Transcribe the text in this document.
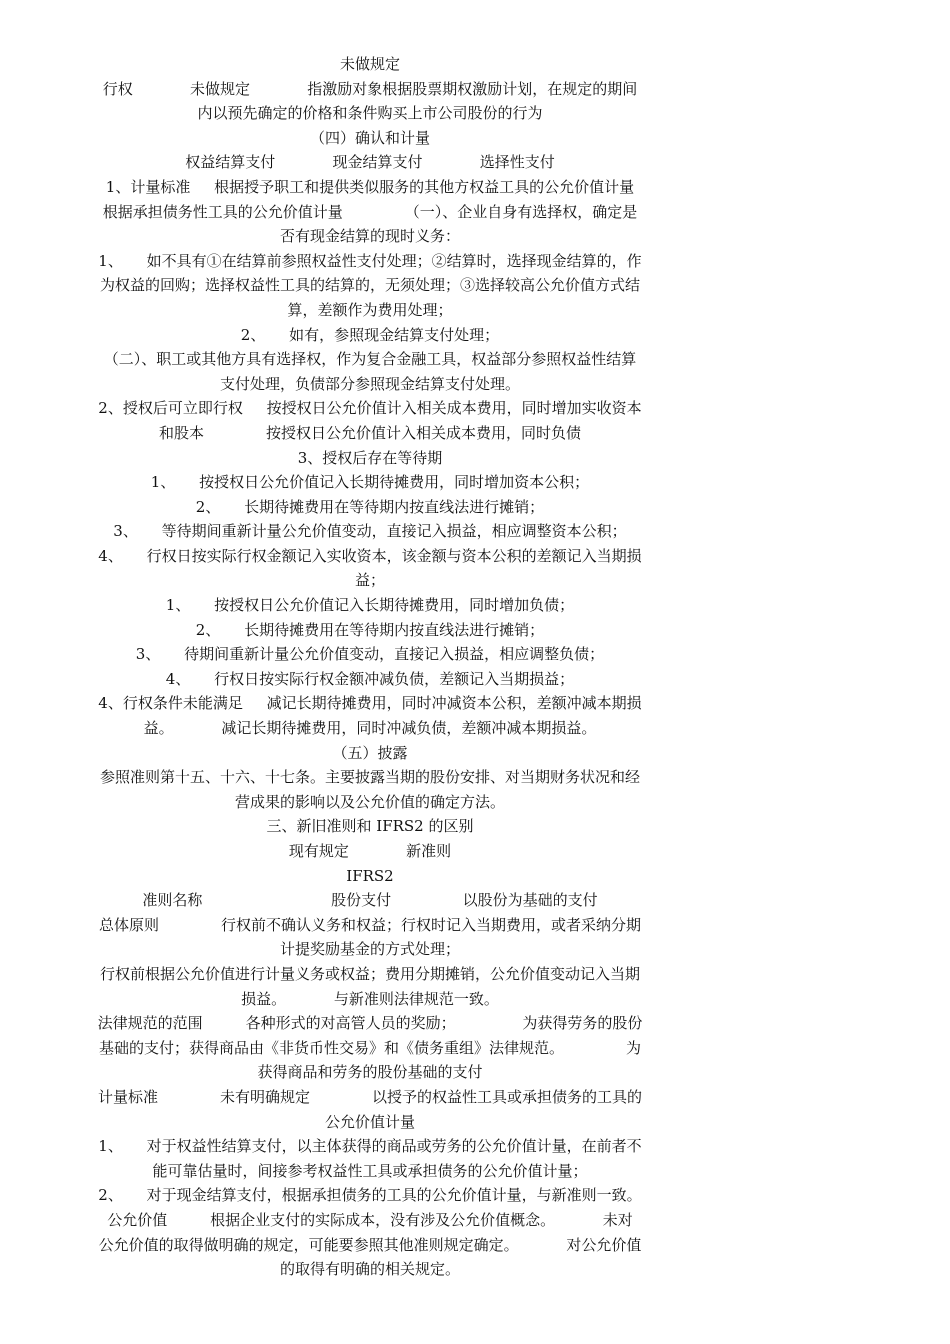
未做规定

行权            未做规定            指激励对象根据股票期权激励计划，在规定的期间

内以预先确定的价格和条件购买上市公司股份的行为

（四）确认和计量

权益结算支付            现金结算支付            选择性支付

1、计量标准     根据授予职工和提供类似服务的其他方权益工具的公允价值计量

根据承担债务性工具的公允价值计量             （一）、企业自身有选择权，确定是

否有现金结算的现时义务：

1、     如不具有①在结算前参照权益性支付处理；②结算时，选择现金结算的，作

为权益的回购；选择权益性工具的结算的，无须处理；③选择较高公允价值方式结

算，差额作为费用处理；

2、     如有，参照现金结算支付处理；

（二）、职工或其他方具有选择权，作为复合金融工具，权益部分参照权益性结算

支付处理，负债部分参照现金结算支付处理。

2、授权后可立即行权     按授权日公允价值计入相关成本费用，同时增加实收资本

和股本             按授权日公允价值计入相关成本费用，同时负债

3、授权后存在等待期

1、     按授权日公允价值记入长期待摊费用，同时增加资本公积；

2、     长期待摊费用在等待期内按直线法进行摊销；

3、     等待期间重新计量公允价值变动，直接记入损益，相应调整资本公积；

4、     行权日按实际行权金额记入实收资本，该金额与资本公积的差额记入当期损

益；

1、     按授权日公允价值记入长期待摊费用，同时增加负债；

2、     长期待摊费用在等待期内按直线法进行摊销；

3、     待期间重新计量公允价值变动，直接记入损益，相应调整负债；

4、     行权日按实际行权金额冲减负债，差额记入当期损益；

4、行权条件未能满足     减记长期待摊费用，同时冲减资本公积，差额冲减本期损

益。          减记长期待摊费用，同时冲减负债，差额冲减本期损益。

（五）披露

参照准则第十五、十六、十七条。主要披露当期的股份安排、对当期财务状况和经

营成果的影响以及公允价值的确定方法。

三、新旧准则和 IFRS2 的区别

现有规定            新准则

IFRS2

准则名称                           股份支付               以股份为基础的支付

总体原则             行权前不确认义务和权益；行权时记入当期费用，或者采纳分期

计提奖励基金的方式处理；

行权前根据公允价值进行计量义务或权益；费用分期摊销，公允价值变动记入当期

损益。          与新准则法律规范一致。

法律规范的范围         各种形式的对高管人员的奖励；              为获得劳务的股份

基础的支付；获得商品由《非货币性交易》和《债务重组》法律规范。             为

获得商品和劳务的股份基础的支付

计量标准             未有明确规定             以授予的权益性工具或承担债务的工具的

公允价值计量

1、     对于权益性结算支付，以主体获得的商品或劳务的公允价值计量，在前者不

能可靠估量时，间接参考权益性工具或承担债务的公允价值计量；

2、     对于现金结算支付，根据承担债务的工具的公允价值计量，与新准则一致。

公允价值         根据企业支付的实际成本，没有涉及公允价值概念。          未对

公允价值的取得做明确的规定，可能要参照其他准则规定确定。          对公允价值

的取得有明确的相关规定。
